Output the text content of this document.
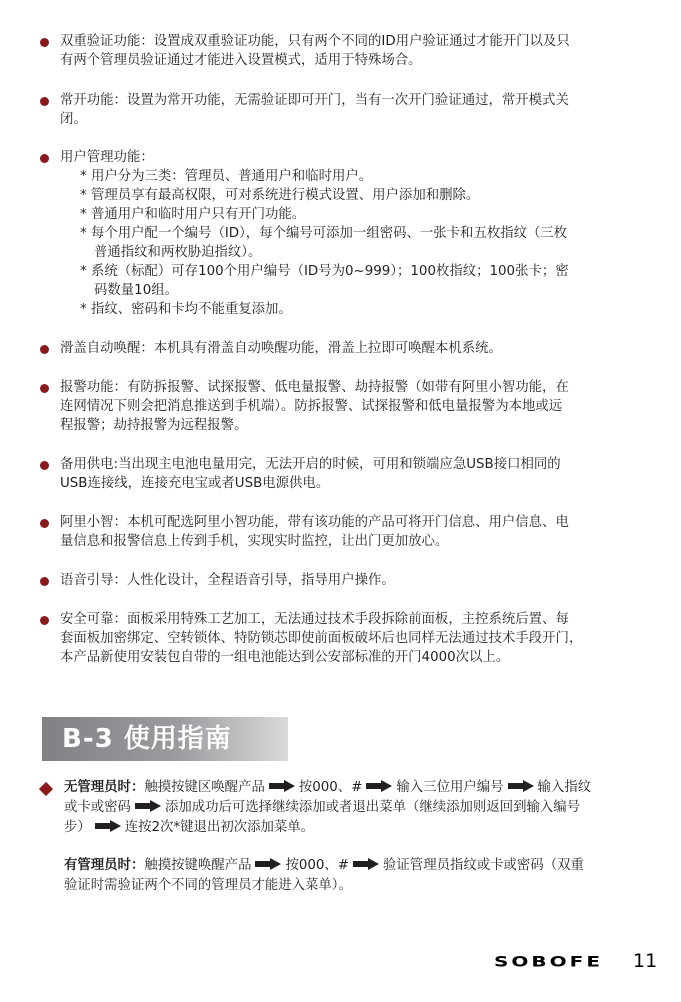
双重验证功能：设置成双重验证功能，只有两个不同的ID用户验证通过才能开门以及只
有两个管理员验证通过才能进入设置模式，适用于特殊场合。
常开功能：设置为常开功能，无需验证即可开门，当有一次开门验证通过，常开模式关
闭。
用户管理功能：
* 用户分为三类：管理员、普通用户和临时用户。
* 管理员享有最高权限，可对系统进行模式设置、用户添加和删除。
* 普通用户和临时用户只有开门功能。
* 每个用户配一个编号（ID），每个编号可添加一组密码、一张卡和五枚指纹（三枚
普通指纹和两枚胁迫指纹）。
* 系统（标配）可存100个用户编号（ID号为0~999）；100枚指纹；100张卡；密
码数量10组。
* 指纹、密码和卡均不能重复添加。
滑盖自动唤醒：本机具有滑盖自动唤醒功能，滑盖上拉即可唤醒本机系统。
报警功能：有防拆报警、试探报警、低电量报警、劫持报警（如带有阿里小智功能，在
连网情况下则会把消息推送到手机端）。防拆报警、试探报警和低电量报警为本地或远
程报警；劫持报警为远程报警。
备用供电:当出现主电池电量用完，无法开启的时候，可用和锁端应急USB接口相同的
USB连接线，连接充电宝或者USB电源供电。
阿里小智：本机可配选阿里小智功能，带有该功能的产品可将开门信息、用户信息、电
量信息和报警信息上传到手机，实现实时监控，让出门更加放心。
语音引导：人性化设计，全程语音引导，指导用户操作。
安全可靠：面板采用特殊工艺加工，无法通过技术手段拆除前面板，主控系统后置、每
套面板加密绑定、空转锁体、特防锁芯即使前面板破坏后也同样无法通过技术手段开门，
本产品新使用安装包自带的一组电池能达到公安部标准的开门4000次以上。
B-3 使用指南
无管理员时：触摸按键区唤醒产品	按000、#	输入三位用户编号	输入指纹
或卡或密码	添加成功后可选择继续添加或者退出菜单（继续添加则返回到输入编号
步）	连按2次*键退出初次添加菜单。
有管理员时：触摸按键唤醒产品	按000、#	验证管理员指纹或卡或密码（双重
验证时需验证两个不同的管理员才能进入菜单）。
SOBOFE 11
